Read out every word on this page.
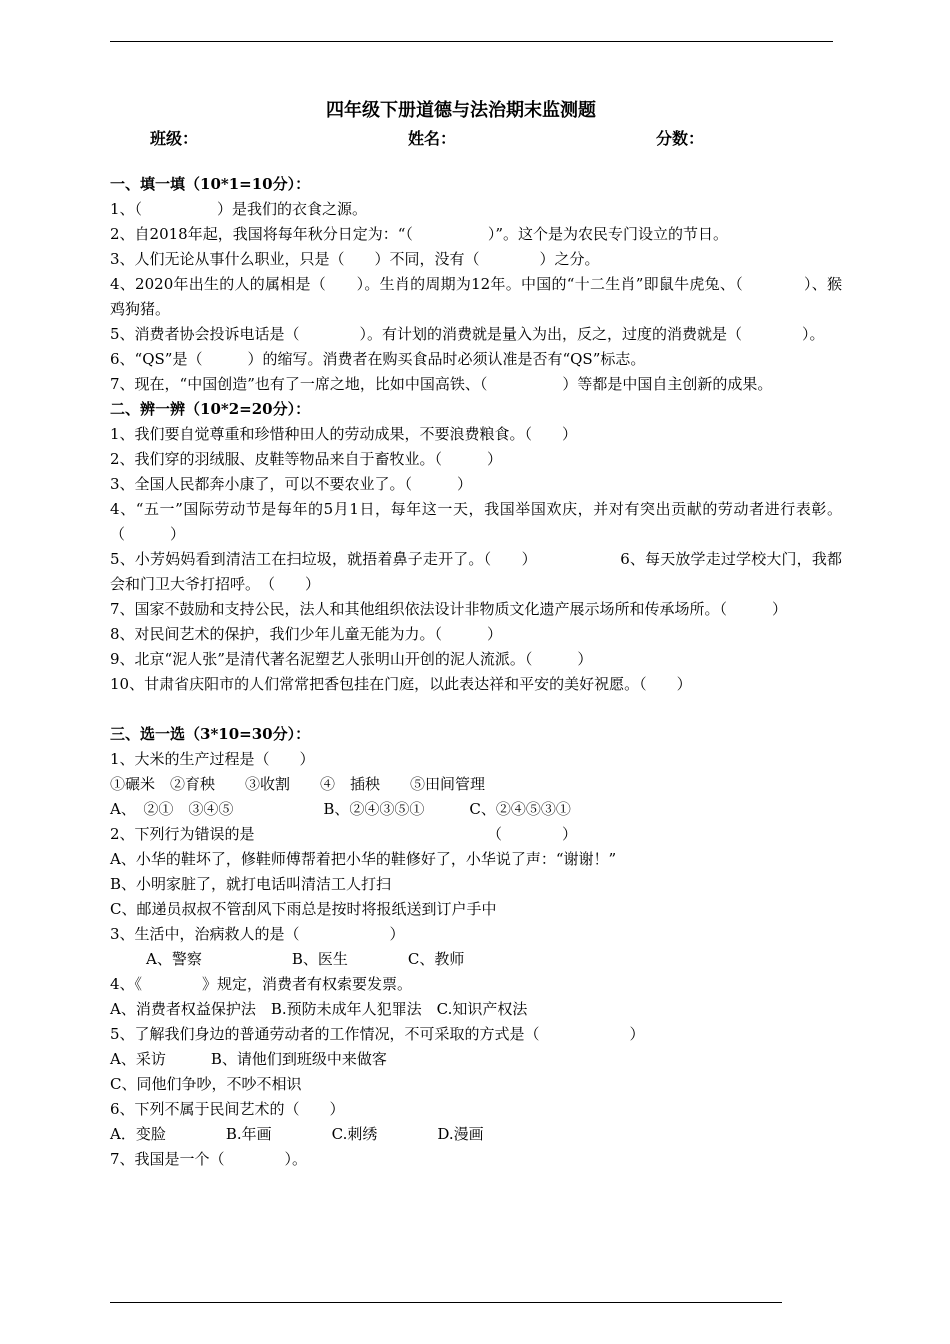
四年级下册道德与法治期末监测题
班级：	姓名：	分数：

一、填一填（10*1=10分）：

1、（　　　　　）是我们的衣食之源。

2、自2018年起，我国将每年秋分日定为：“（　　　　　）”。这个是为农民专门设立的节日。

3、人们无论从事什么职业，只是（　　）不同，没有（　　　　）之分。

4、2020年出生的人的属相是（　　）。生肖的周期为12年。中国的“十二生肖”即鼠牛虎兔、（　　　　）、猴鸡狗猪。

5、消费者协会投诉电话是（　　　　）。有计划的消费就是量入为出，反之，过度的消费就是（　　　　）。

6、“QS”是（　　　）的缩写。消费者在购买食品时必须认准是否有“QS”标志。

7、现在，“中国创造”也有了一席之地，比如中国高铁、（　　　　　）等都是中国自主创新的成果。

二、辨一辨（10*2=20分）：

1、我们要自觉尊重和珍惜种田人的劳动成果，不要浪费粮食。（　　）

2、我们穿的羽绒服、皮鞋等物品来自于畜牧业。（　　　）

3、全国人民都奔小康了，可以不要农业了。（　　　）

4、“五一”国际劳动节是每年的5月1日，每年这一天，我国举国欢庆，并对有突出贡献的劳动者进行表彰。（　　　）

5、小芳妈妈看到清洁工在扫垃圾，就捂着鼻子走开了。（　　）　　　　　　6、每天放学走过学校大门，我都会和门卫大爷打招呼。　（　　）

7、国家不鼓励和支持公民，法人和其他组织依法设计非物质文化遗产展示场所和传承场所。（　　　）

8、对民间艺术的保护，我们少年儿童无能为力。（　　　）

9、北京“泥人张”是清代著名泥塑艺人张明山开创的泥人流派。（　　　）

10、甘肃省庆阳市的人们常常把香包挂在门庭，以此表达祥和平安的美好祝愿。（　　）

三、选一选（3*10=30分）：

1、大米的生产过程是（　　）

①碾米　②育秧　　③收割　　④　插秧　　⑤田间管理

A、　②①　③④⑤　　　　　　B、②④③⑤①　　　C、②④⑤③①

2、下列行为错误的是　　　　　　　　　　　　　　　　（　　　　）

A、小华的鞋坏了，修鞋师傅帮着把小华的鞋修好了，小华说了声：“谢谢！”

B、小明家脏了，就打电话叫清洁工人打扫

C、邮递员叔叔不管刮风下雨总是按时将报纸送到订户手中

3、生活中，治病救人的是（　　　　　　）

A、警察　　　　　　B、医生　　　　C、教师

4、《　　　　》规定，消费者有权索要发票。

A、消费者权益保护法　B.预防未成年人犯罪法　C.知识产权法

5、了解我们身边的普通劳动者的工作情况，不可采取的方式是（　　　　　　）

A、采访　　　B、请他们到班级中来做客

C、同他们争吵，不吵不相识

6、下列不属于民间艺术的（　　）

A．变脸　　　　B.年画　　　　C.刺绣　　　　D.漫画

7、我国是一个（　　　　）。
